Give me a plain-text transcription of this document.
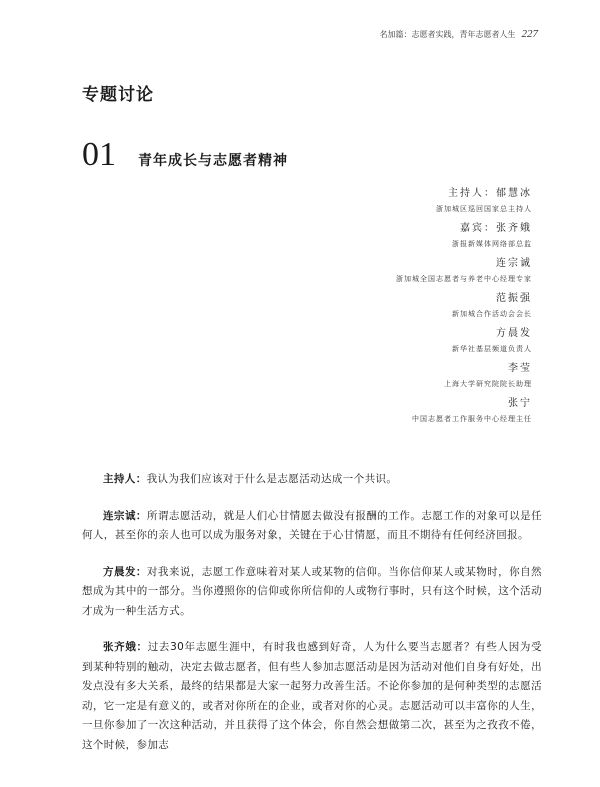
名加篇：志愿者实践，青年志愿者人生 227
专题讨论
01 青年成长与志愿者精神
主持人：郁慧冰
浙加城区巡回国家总主持人
嘉宾：张齐娥
浙报新媒体网络部总监
连宗诚
浙加城全国志愿者与养老中心经理专家
范振强
新加城合作活动会会长
方晨发
新华社基层频道负责人
李莹
上海大学研究院院长助理
张宁
中国志愿者工作服务中心经理主任

主持人：我认为我们应该对于什么是志愿活动达成一个共识。

连宗诚：所谓志愿活动，就是人们心甘情愿去做没有报酬的工作。志愿工作的对象可以是任何人，甚至你的亲人也可以成为服务对象，关键在于心甘情愿，而且不期待有任何经济回报。

方晨发：对我来说，志愿工作意味着对某人或某物的信仰。当你信仰某人或某物时，你自然想成为其中的一部分。当你遵照你的信仰或你所信仰的人或物行事时，只有这个时候，这个活动才成为一种生活方式。

张齐娥：过去30年志愿生涯中，有时我也感到好奇，人为什么要当志愿者？有些人因为受到某种特别的触动，决定去做志愿者，但有些人参加志愿活动是因为活动对他们自身有好处，出发点没有多大关系，最终的结果都是大家一起努力改善生活。不论你参加的是何种类型的志愿活动，它一定是有意义的，或者对你所在的企业，或者对你的心灵。志愿活动可以丰富你的人生，一旦你参加了一次这种活动，并且获得了这个体会，你自然会想做第二次，甚至为之孜孜不倦，这个时候，参加志
